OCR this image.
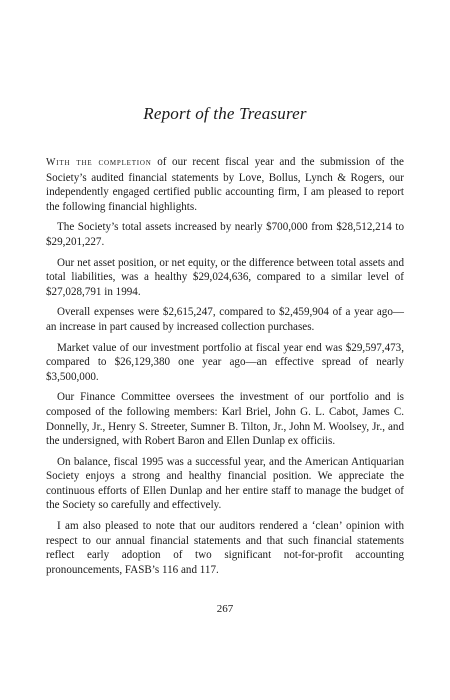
Report of the Treasurer

With the completion of our recent fiscal year and the submission of the Society’s audited financial statements by Love, Bollus, Lynch & Rogers, our independently engaged certified public accounting firm, I am pleased to report the following financial highlights.

The Society’s total assets increased by nearly $700,000 from $28,512,214 to $29,201,227.

Our net asset position, or net equity, or the difference between total assets and total liabilities, was a healthy $29,024,636, compared to a similar level of $27,028,791 in 1994.

Overall expenses were $2,615,247, compared to $2,459,904 of a year ago—an increase in part caused by increased collection purchases.

Market value of our investment portfolio at fiscal year end was $29,597,473, compared to $26,129,380 one year ago—an effective spread of nearly $3,500,000.

Our Finance Committee oversees the investment of our portfolio and is composed of the following members: Karl Briel, John G. L. Cabot, James C. Donnelly, Jr., Henry S. Streeter, Sumner B. Tilton, Jr., John M. Woolsey, Jr., and the undersigned, with Robert Baron and Ellen Dunlap ex officiis.

On balance, fiscal 1995 was a successful year, and the American Antiquarian Society enjoys a strong and healthy financial position. We appreciate the continuous efforts of Ellen Dunlap and her entire staff to manage the budget of the Society so carefully and effectively.

I am also pleased to note that our auditors rendered a ‘clean’ opinion with respect to our annual financial statements and that such financial statements reflect early adoption of two significant not-for-profit accounting pronouncements, FASB’s 116 and 117.

267
